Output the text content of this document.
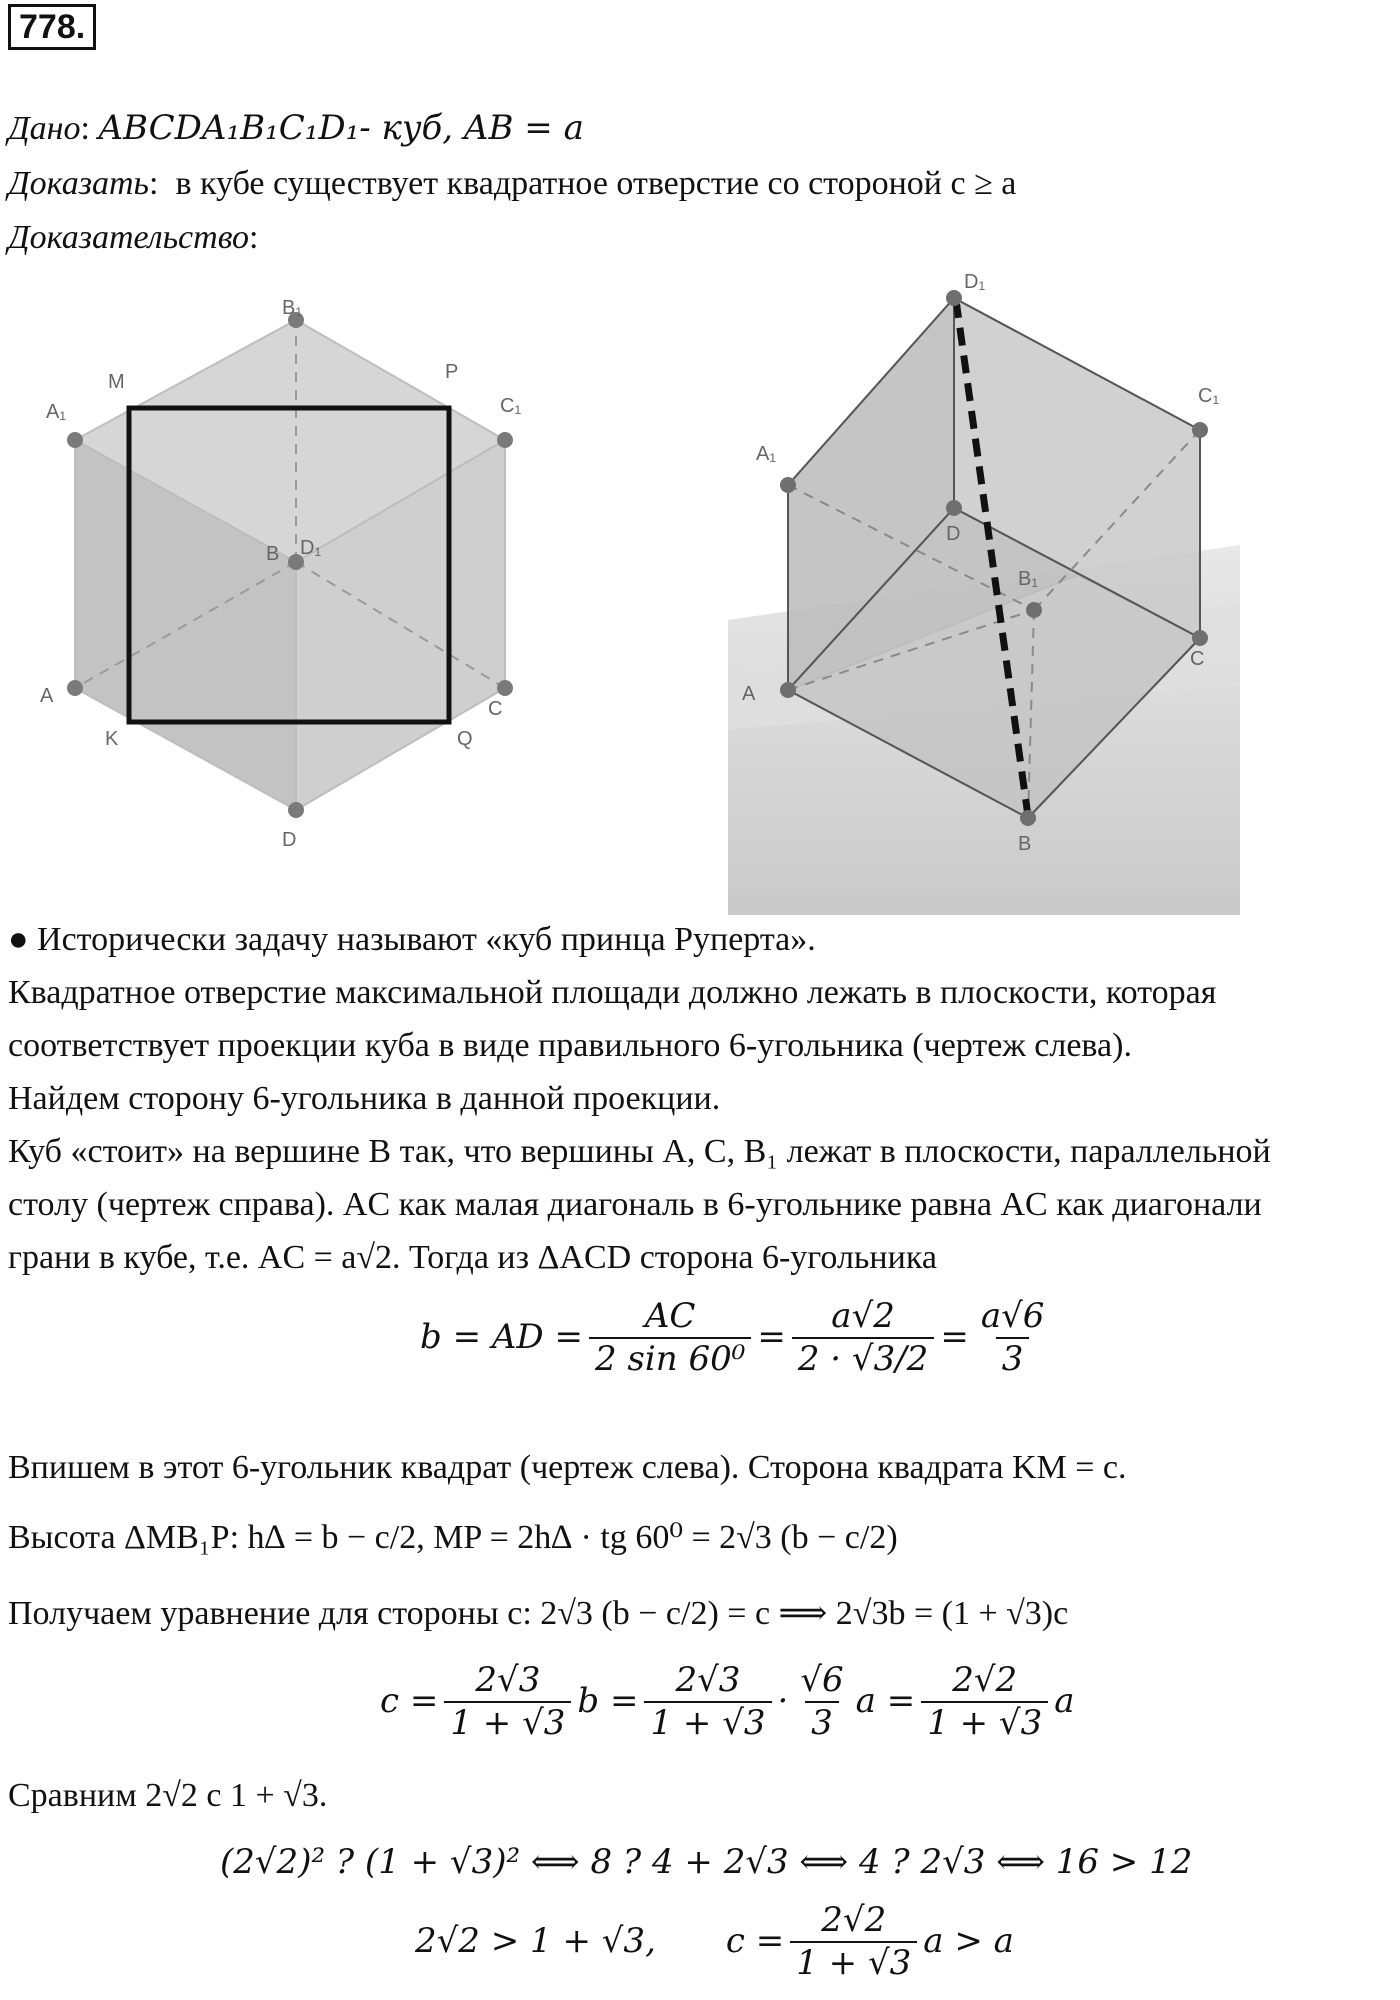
778.
Дано: ABCDA₁B₁C₁D₁- куб, AB = a
Доказать:  в кубе существует квадратное отверстие со стороной c ≥ a
Доказательство:
B₁
M	P
A₁	C₁
B D₁
A
C
K	Q
D
D₁
C₁
A₁
D
B₁
C
A
B
● Исторически задачу называют «куб принца Руперта».
Квадратное отверстие максимальной площади должно лежать в плоскости, которая
соответствует проекции куба в виде правильного 6-угольника (чертеж слева).
Найдем сторону 6-угольника в данной проекции.
Куб «стоит» на вершине B так, что вершины A, C, B₁ лежат в плоскости, параллельной
столу (чертеж справа). AC как малая диагональ в 6-угольнике равна AC как диагонали
грани в кубе, т.е. AC = a√2. Тогда из ΔACD сторона 6-угольника
b = AD = $\frac{AC}{\text{2 sin 60⁰}} = \frac{a√2}{2 \cdot √3/2} = \frac{a√6}{3}$
Впишем в этот 6-угольник квадрат (чертеж слева). Сторона квадрата KM = c.
Высота ΔMB₁P: h∆ = b − c/2, MP = 2h∆ · tg 60⁰ = 2√3 (b − c/2)
Получаем уравнение для стороны c: 2√3 (b − c/2) = c ⟹ 2√3b = (1 + √3)c
$c = \frac{2√3}{1 + √3}$ $b = \frac{2√3}{1 + √3} \cdot \frac{√6}{3}$ $a = \frac{2√2}{1 + √3}$ a
Сравним 2√2 с 1 + √3.
(2√2)² ? (1 + √3)² ⟺ 8 ? 4 + 2√3 ⟺ 4 ? 2√3 ⟺ 16 > 12
2√2 > 1 + √3, $c = \frac{2√2}{1 + √3}$ a > a
